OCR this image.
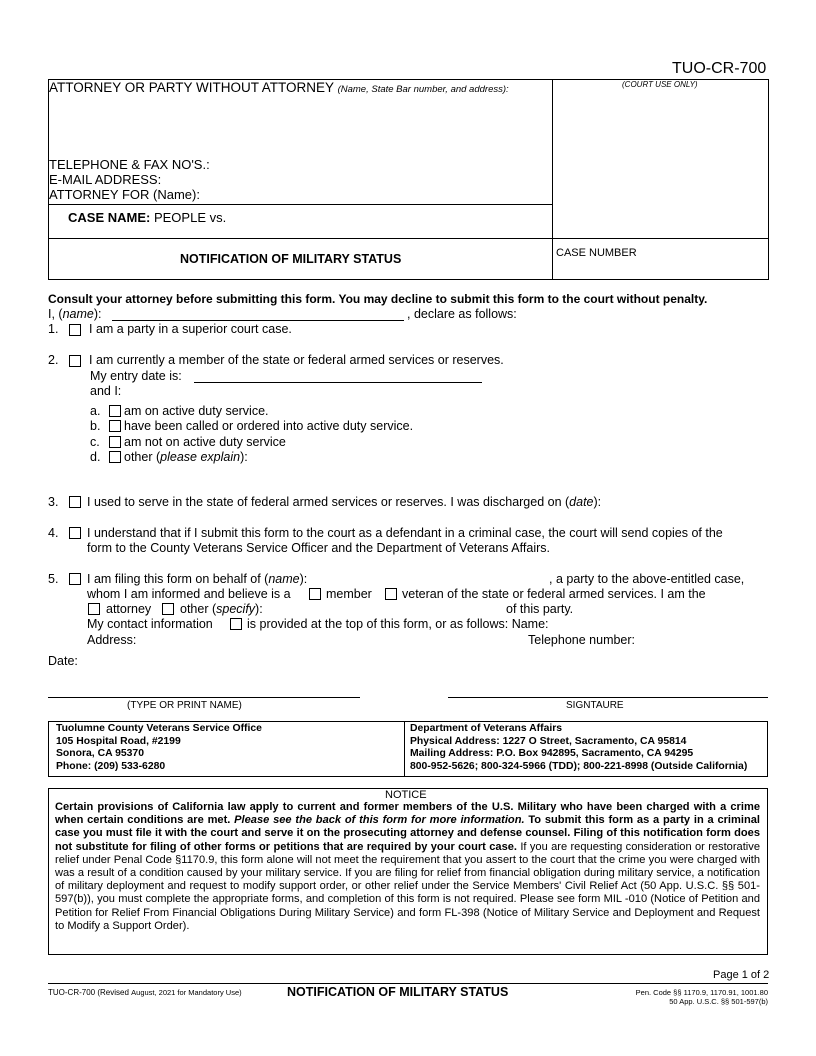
TUO-CR-700
ATTORNEY OR PARTY WITHOUT ATTORNEY (Name, State Bar number, and address):	(COURT USE ONLY)
TELEPHONE & FAX NO'S.:
E-MAIL ADDRESS:
ATTORNEY FOR (Name):
CASE NAME: PEOPLE vs.
NOTIFICATION OF MILITARY STATUS	CASE NUMBER
Consult your attorney before submitting this form. You may decline to submit this form to the court without penalty.
I, (name):	, declare as follows:
1. I am a party in a superior court case.
2. I am currently a member of the state or federal armed services or reserves.
My entry date is:
and I:
a. am on active duty service.
b. have been called or ordered into active duty service.
c. am not on active duty service
d. other (please explain):
3. I used to serve in the state of federal armed services or reserves. I was discharged on (date):
4. I understand that if I submit this form to the court as a defendant in a criminal case, the court will send copies of the
form to the County Veterans Service Officer and the Department of Veterans Affairs.
5. I am filing this form on behalf of (name):	, a party to the above-entitled case,
whom I am informed and believe is a	member veteran of the state or federal armed services. I am the
attorney other (specify):	of this party.
My contact information	is provided at the top of this form, or as follows: Name:
Address:	Telephone number:
Date:
(TYPE OR PRINT NAME)	SIGNTAURE
Tuolumne County Veterans Service Office
105 Hospital Road, #2199
Sonora, CA 95370
Phone: (209) 533-6280
Department of Veterans Affairs
Physical Address: 1227 O Street, Sacramento, CA 95814
Mailing Address: P.O. Box 942895, Sacramento, CA 94295
800-952-5626; 800-324-5966 (TDD); 800-221-8998 (Outside California)
NOTICE
Certain provisions of California law apply to current and former members of the U.S. Military who have been charged with a crime when certain conditions are met. Please see the back of this form for more information. To submit this form as a party in a criminal case you must file it with the court and serve it on the prosecuting attorney and defense counsel. Filing of this notification form does not substitute for filing of other forms or petitions that are required by your court case. If you are requesting consideration or restorative relief under Penal Code §1170.9, this form alone will not meet the requirement that you assert to the court that the crime you were charged with was a result of a condition caused by your military service. If you are filing for relief from financial obligation during military service, a notification of military deployment and request to modify support order, or other relief under the Service Members' Civil Relief Act (50 App. U.S.C. §§ 501-597(b)), you must complete the appropriate forms, and completion of this form is not required. Please see form MIL -010 (Notice of Petition and Petition for Relief From Financial Obligations During Military Service) and form FL-398 (Notice of Military Service and Deployment and Request to Modify a Support Order).
Page 1 of 2
TUO-CR-700 (Revised August, 2021 for Mandatory Use)	NOTIFICATION OF MILITARY STATUS	Pen. Code §§ 1170.9, 1170.91, 1001.80
50 App. U.S.C. §§ 501-597(b)
